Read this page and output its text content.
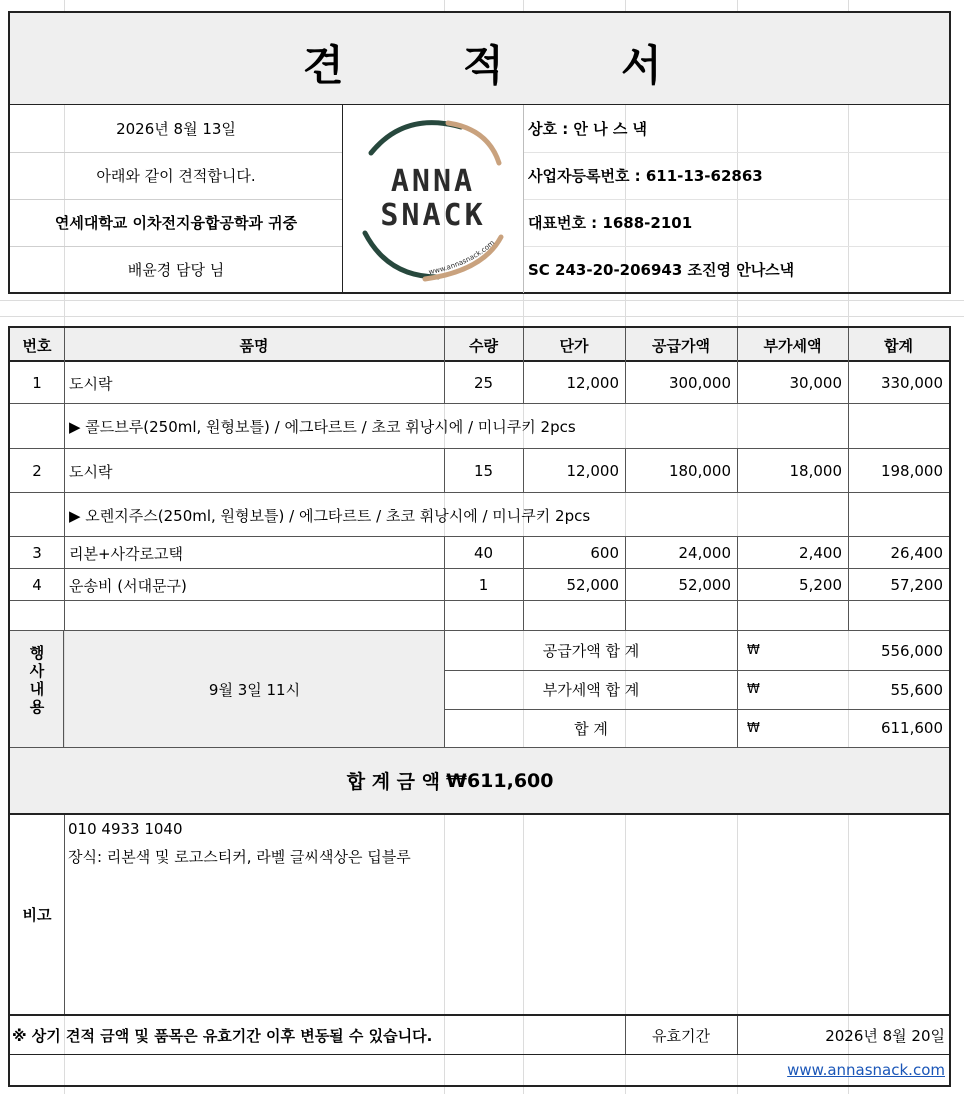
견	적	서
2026년 8월 13일
아래와 같이 견적합니다.
연세대학교 이차전지융합공학과 귀중
배윤경 담당 님
ANNA
SNACK
www.annasnack.com
상호 : 안 나 스 낵
사업자등록번호 : 611-13-62863
대표번호 : 1688-2101
SC 243-20-206943 조진영 안나스낵
번호	품명	수량	단가	공급가액	부가세액	합계
1	도시락	25	12,000	300,000	30,000	330,000
▶ 콜드브루(250ml, 원형보틀) / 에그타르트 / 초코 휘낭시에 / 미니쿠키 2pcs
2	도시락	15	12,000	180,000	18,000	198,000
▶ 오렌지주스(250ml, 원형보틀) / 에그타르트 / 초코 휘낭시에 / 미니쿠키 2pcs
3	리본+사각로고택	40	600	24,000	2,400	26,400
4	운송비 (서대문구)	1	52,000	52,000	5,200	57,200
행
사
내
용
9월 3일 11시
공급가액 합 계	₩	556,000
부가세액 합 계	₩	55,600
합 계	₩	611,600
합 계 금 액 ₩611,600
비고
010 4933 1040
장식: 리본색 및 로고스티커, 라벨 글씨색상은 딥블루
※ 상기 견적 금액 및 품목은 유효기간 이후 변동될 수 있습니다.	유효기간	2026년 8월 20일
www.annasnack.com
